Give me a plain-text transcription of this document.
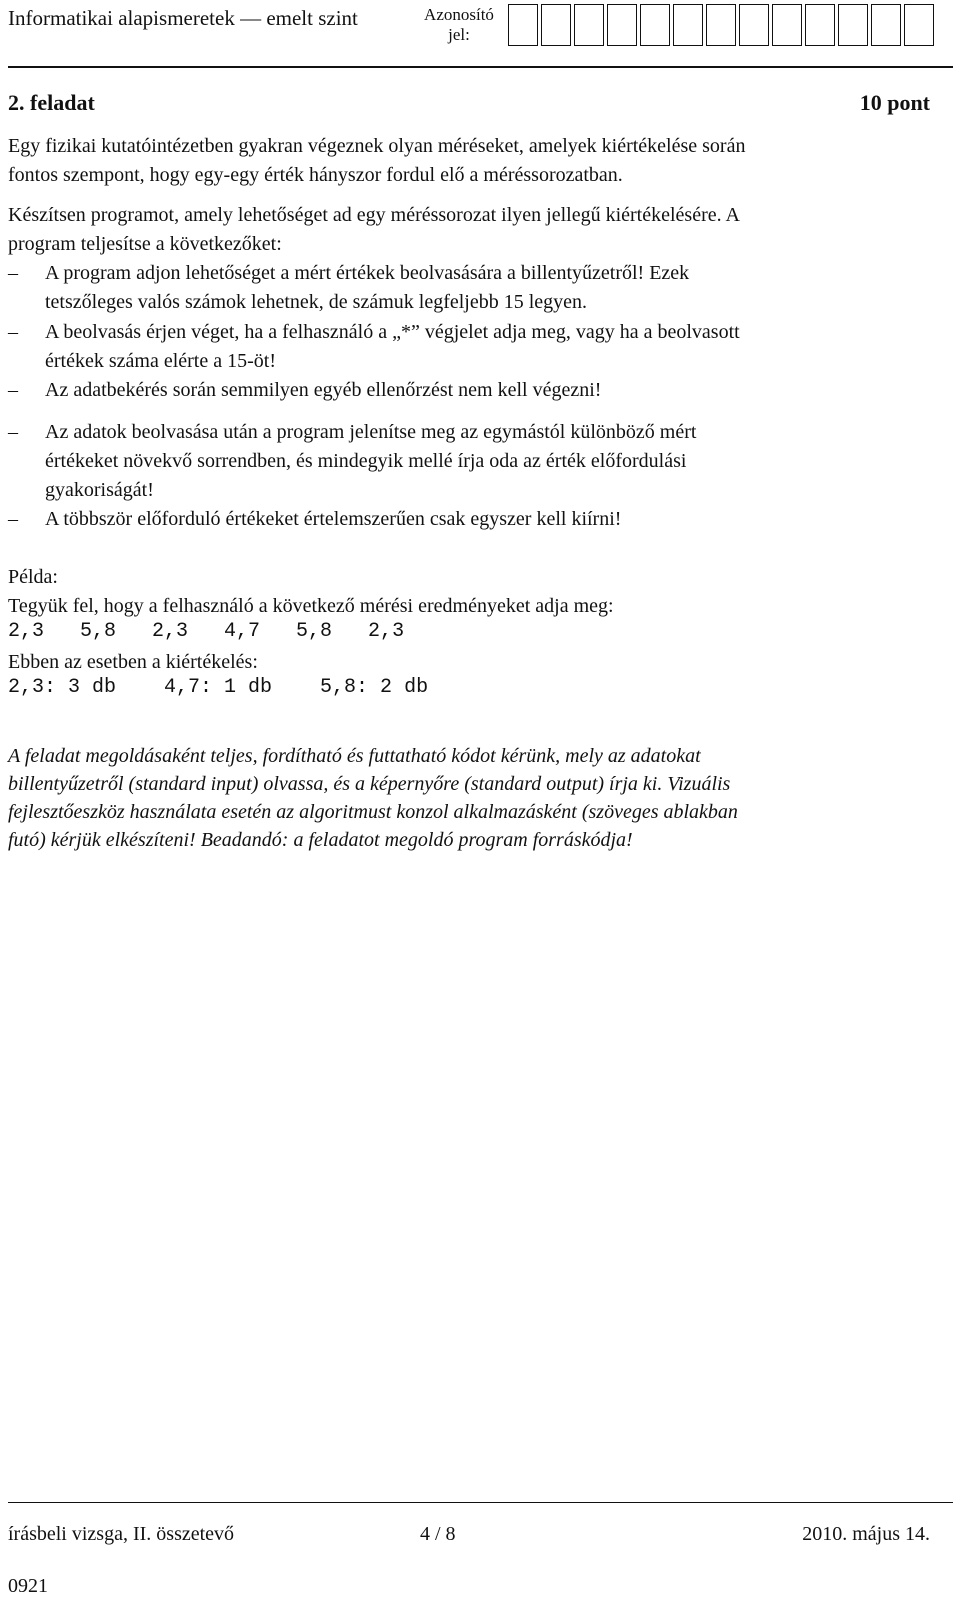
Informatikai alapismeretek — emelt szint	Azonosító
jel:
2. feladat	10 pont
Egy fizikai kutatóintézetben gyakran végeznek olyan méréseket, amelyek kiértékelése során
fontos szempont, hogy egy-egy érték hányszor fordul elő a méréssorozatban.
Készítsen programot, amely lehetőséget ad egy méréssorozat ilyen jellegű kiértékelésére. A
program teljesítse a következőket:
–	A program adjon lehetőséget a mért értékek beolvasására a billentyűzetről! Ezek
tetszőleges valós számok lehetnek, de számuk legfeljebb 15 legyen.
–	A beolvasás érjen véget, ha a felhasználó a „*” végjelet adja meg, vagy ha a beolvasott
értékek száma elérte a 15-öt!
–	Az adatbekérés során semmilyen egyéb ellenőrzést nem kell végezni!
–	Az adatok beolvasása után a program jelenítse meg az egymástól különböző mért
értékeket növekvő sorrendben, és mindegyik mellé írja oda az érték előfordulási
gyakoriságát!
–	A többször előforduló értékeket értelemszerűen csak egyszer kell kiírni!
Példa:
Tegyük fel, hogy a felhasználó a következő mérési eredményeket adja meg:
2,3   5,8   2,3   4,7   5,8   2,3
Ebben az esetben a kiértékelés:
2,3: 3 db    4,7: 1 db    5,8: 2 db
A feladat megoldásaként teljes, fordítható és futtatható kódot kérünk, mely az adatokat
billentyűzetről (standard input) olvassa, és a képernyőre (standard output) írja ki. Vizuális
fejlesztőeszköz használata esetén az algoritmust konzol alkalmazásként (szöveges ablakban
futó) kérjük elkészíteni! Beadandó: a feladatot megoldó program forráskódja!
írásbeli vizsga, II. összetevő	4 / 8	2010. május 14.
0921
